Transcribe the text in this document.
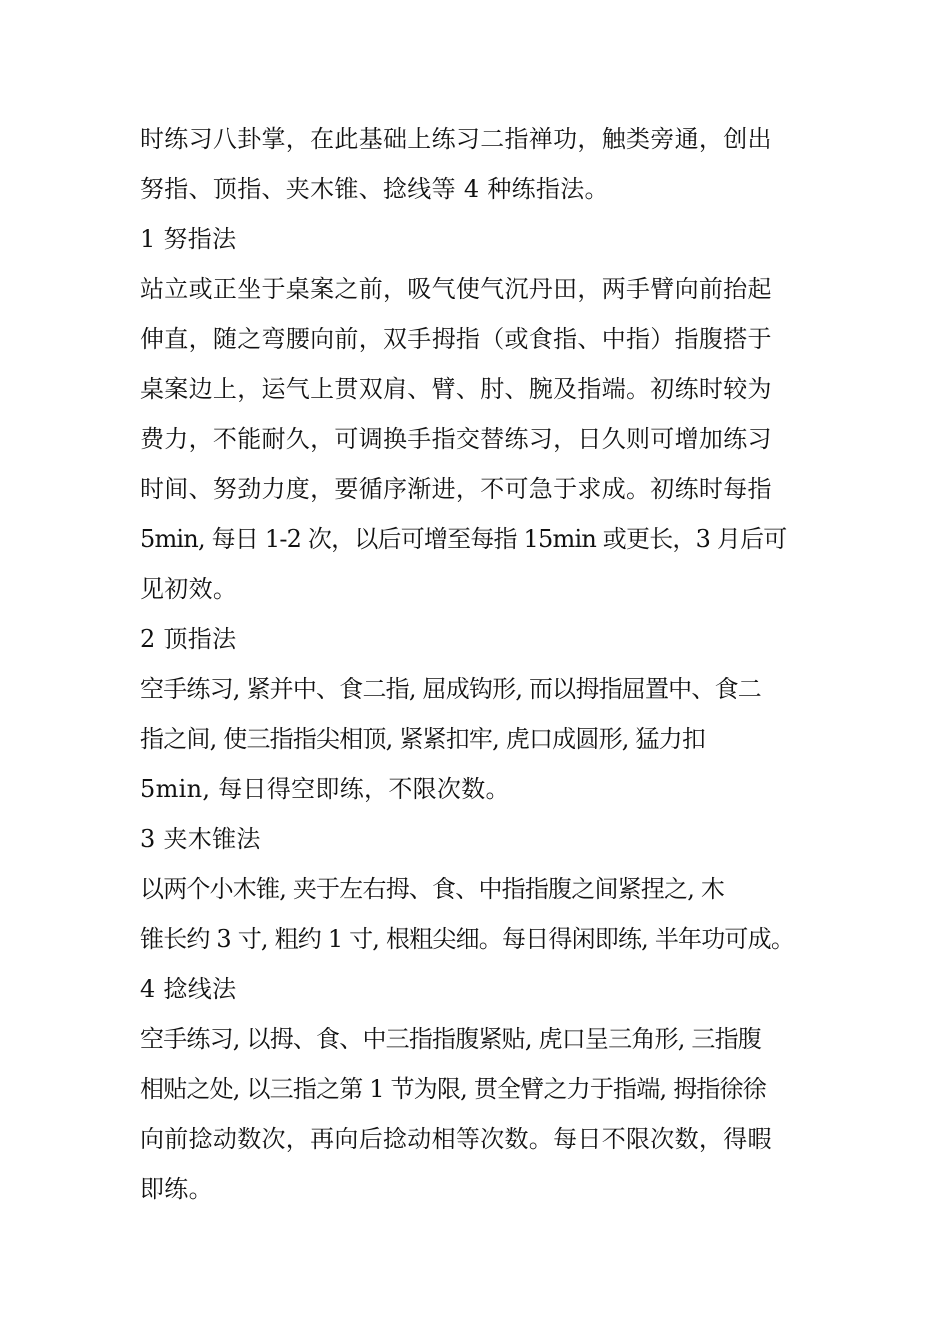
时练习八卦掌，在此基础上练习二指禅功，触类旁通，创出
努指、顶指、夹木锥、捻线等 4 种练指法。
1 努指法
站立或正坐于桌案之前，吸气使气沉丹田，两手臂向前抬起
伸直，随之弯腰向前，双手拇指（或食指、中指）指腹搭于
桌案边上，运气上贯双肩、臂、肘、腕及指端。初练时较为
费力，不能耐久，可调换手指交替练习，日久则可增加练习
时间、努劲力度，要循序渐进，不可急于求成。初练时每指
5min, 每日 1-2 次，以后可增至每指 15min 或更长，3 月后可
见初效。
2 顶指法
空手练习, 紧并中、食二指, 屈成钩形, 而以拇指屈置中、食二
指之间, 使三指指尖相顶, 紧紧扣牢, 虎口成圆形, 猛力扣
5min, 每日得空即练，不限次数。
3 夹木锥法
以两个小木锥, 夹于左右拇、食、中指指腹之间紧捏之, 木
锥长约 3 寸, 粗约 1 寸, 根粗尖细。每日得闲即练, 半年功可成。
4 捻线法
空手练习, 以拇、食、中三指指腹紧贴, 虎口呈三角形, 三指腹
相贴之处, 以三指之第 1 节为限, 贯全臂之力于指端, 拇指徐徐
向前捻动数次，再向后捻动相等次数。每日不限次数，得暇
即练。
